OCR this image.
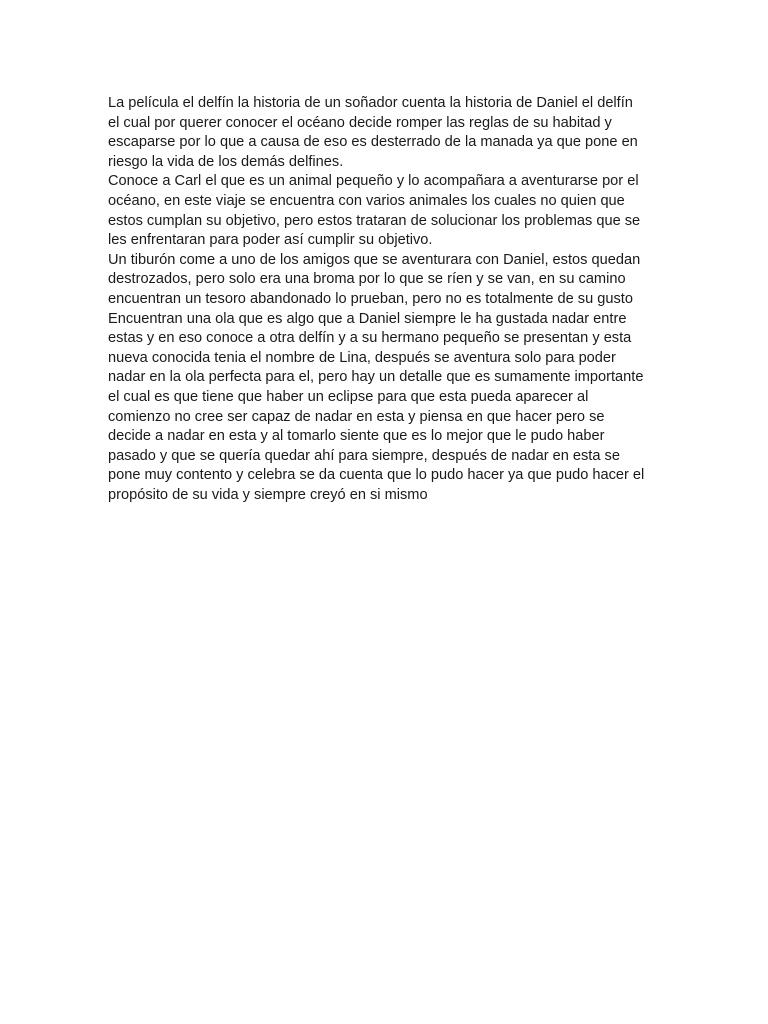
La película el delfín la historia de un soñador cuenta la historia de Daniel el delfín
el cual por querer conocer el océano decide romper las reglas de su habitad y
escaparse por lo que a causa de eso es desterrado de la manada ya que pone en
riesgo la vida de los demás delfines.
Conoce a Carl el que es un animal pequeño y lo acompañara a aventurarse por el
océano, en este viaje se encuentra con varios animales los cuales no quien que
estos cumplan su objetivo, pero estos trataran de solucionar los problemas que se
les enfrentaran para poder así cumplir su objetivo.
Un tiburón come a uno de los amigos que se aventurara con Daniel, estos quedan
destrozados, pero solo era una broma por lo que se ríen y se van, en su camino
encuentran un tesoro abandonado lo prueban, pero no es totalmente de su gusto
Encuentran una ola que es algo que a Daniel siempre le ha gustada nadar entre
estas y en eso conoce a otra delfín y a su hermano pequeño se presentan y esta
nueva conocida tenia el nombre de Lina, después se aventura solo para poder
nadar en la ola perfecta para el, pero hay un detalle que es sumamente importante
el cual es que tiene que haber un eclipse para que esta pueda aparecer al
comienzo no cree ser capaz de nadar en esta y piensa en que hacer pero se
decide a nadar en esta y al tomarlo siente que es lo mejor que le pudo haber
pasado y que se quería quedar ahí para siempre, después de nadar en esta se
pone muy contento y celebra se da cuenta que lo pudo hacer ya que pudo hacer el
propósito de su vida y siempre creyó en si mismo
